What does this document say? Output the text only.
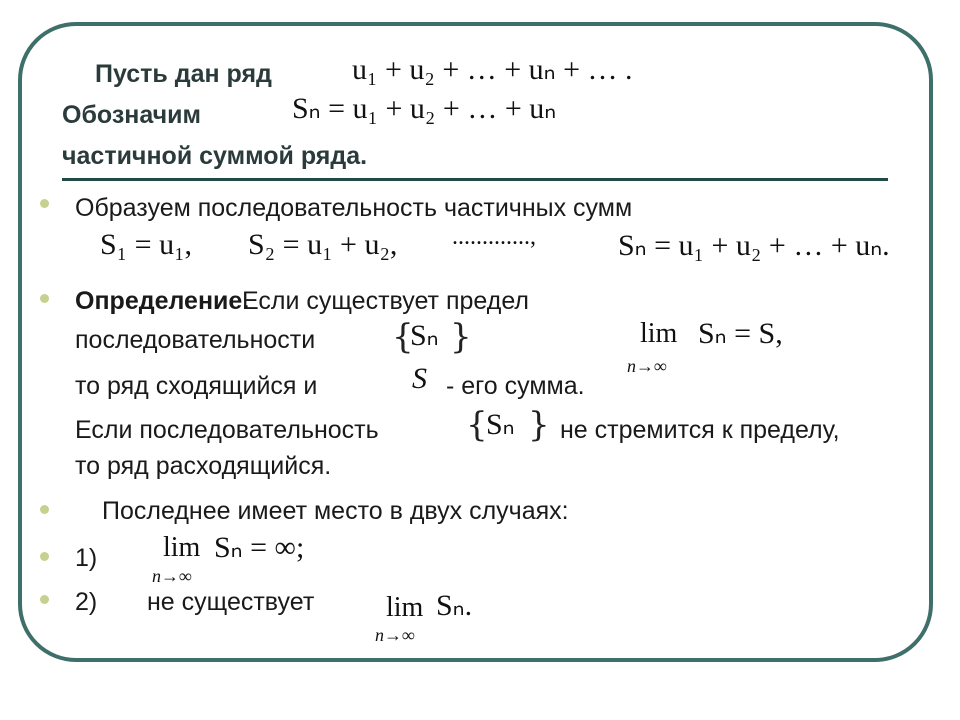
Пусть дан ряд	u₁ + u₂ + … + uₙ + … .
Обозначим	Sₙ = u₁ + u₂ + … + uₙ
частичной суммой ряда.
Образуем последовательность частичных сумм
S₁ = u₁, S₂ = u₁ + u₂, .............,	Sₙ = u₁ + u₂ + … + uₙ.
Определение.
Если существует предел
последовательности {
Sₙ }	lim
n→∞
Sₙ = S,
то ряд сходящийся и	S - его сумма.
Если последовательность	{
Sₙ } не стремится к пределу,
то ряд расходящийся.
Последнее имеет место в двух случаях:
1) lim
n→∞
Sₙ = ∞;
2) не существует	lim
n→∞
Sₙ.
